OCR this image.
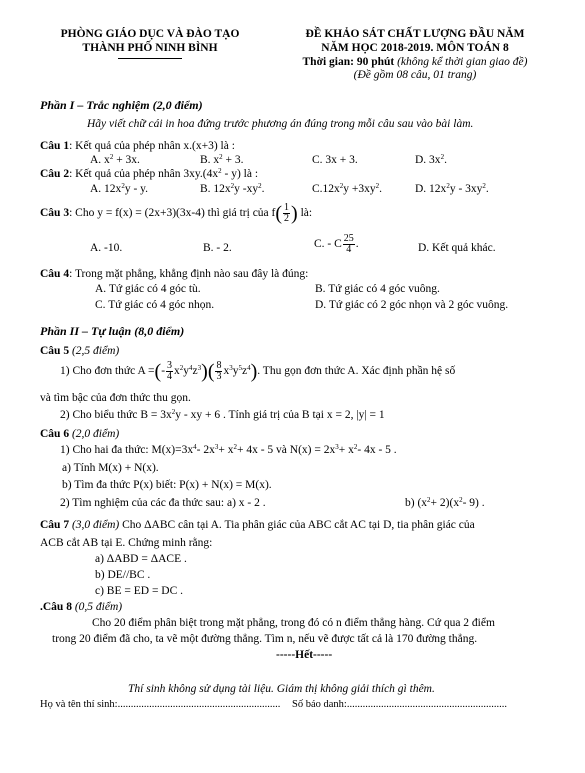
PHÒNG GIÁO DỤC VÀ ĐÀO TẠO
THÀNH PHỐ NINH BÌNH
ĐỀ KHẢO SÁT CHẤT LƯỢNG ĐẦU NĂM
NĂM HỌC 2018-2019. MÔN TOÁN 8
Thời gian: 90 phút (không kể thời gian giao đề)
(Đề gồm 08 câu, 01 trang)
Phần I – Trắc nghiệm (2,0 điểm)
Hãy viết chữ cái in hoa đứng trước phương án đúng trong mỗi câu sau vào bài làm.
Câu 1: Kết quả của phép nhân x.(x+3) là :
A. $x^2 + 3x$.	B. $x^2 + 3$.	C. 3x + 3.	D. $3x^2$.
Câu 2: Kết quả của phép nhân $3xy.(4x^2 - y)$ là :
A. $12x^2y$ - y.	B. $12x^2y$ $-xy^2$.	$C.12x^2y +3xy^2$.	D. $12x^2y - 3xy^2$.
Câu 3: Cho y = f(x) = (2x+3)(3x-4) thì giá trị của $f( \frac{1}{2}$ ) là:
A. -10.	B. - 2.	C. - C $\frac{25}{4}$ .	D. Kết quả khác.
Câu 4: Trong mặt phẳng, khẳng định nào sau đây là đúng:
A. Tứ giác có 4 góc tù.	B. Tứ giác có 4 góc vuông.
C. Tứ giác có 4 góc nhọn.	D. Tứ giác có 2 góc nhọn và 2 góc vuông.
Phần II – Tự luận (8,0 điểm)
Câu 5 (2,5 điểm)
1) Cho đơn thức A =(- $\frac{3}{4} x^2y^4z^3)( \frac{8}{3} x^3y^5z^4)$. Thu gọn đơn thức A. Xác định phần hệ số
và tìm bậc của đơn thức thu gọn.
2) Cho biểu thức $B = 3x^2y$ - xy + 6 . Tính giá trị của B tại x = 2, |y| = 1
Câu 6 (2,0 điểm)
1) Cho hai đa thức: $M(x)=3x^4-$ $2x^3+ x^2+ 4x - 5$ và $N(x) = 2x^3+ x^2-$ 4x - 5 .
a) Tính M(x) + N(x).
b) Tìm đa thức P(x) biết: P(x) + N(x) = M(x).
2) Tìm nghiệm của các đa thức sau: a) x - 2 .	b) $(x^2+ 2)(x^2-$ 9) .
Câu 7 (3,0 điểm) Cho ΔABC cân tại A. Tia phân giác của ABC cắt AC tại D, tia phân giác của
ACB cắt AB tại E. Chứng minh rằng:
a) ΔABD = ΔACE .
b) DE//BC .
c) BE = ED = DC .
.Câu 8 (0,5 điểm)
Cho 20 điểm phân biệt trong mặt phẳng, trong đó có n điểm thẳng hàng. Cứ qua 2 điểm
trong 20 điểm đã cho, ta vẽ một đường thẳng. Tìm n, nếu vẽ được tất cả là 170 đường thẳng.
-----Hết-----
Thí sinh không sử dụng tài liệu. Giám thị không giải thích gì thêm.
Họ và tên thí sinh:.............................................................. Số báo danh:.............................................................
